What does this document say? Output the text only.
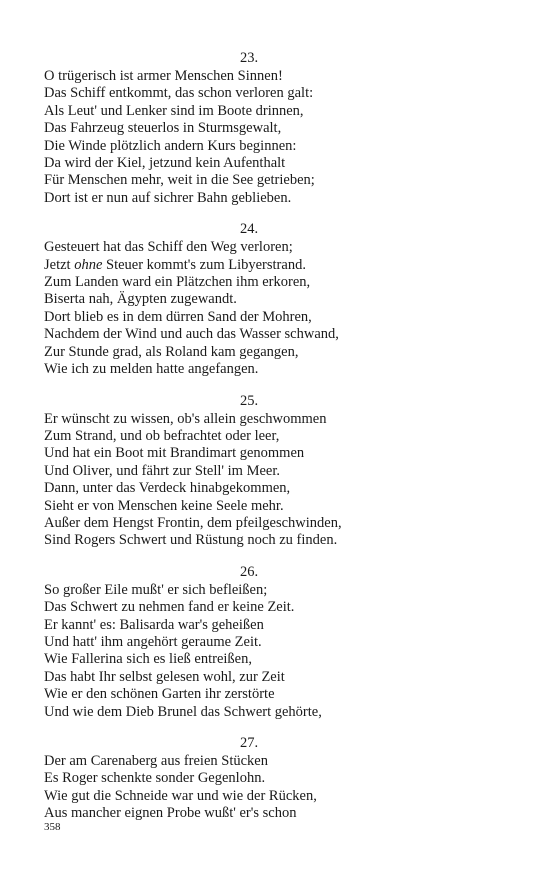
23.
O trügerisch ist armer Menschen Sinnen!
Das Schiff entkommt, das schon verloren galt:
Als Leut' und Lenker sind im Boote drinnen,
Das Fahrzeug steuerlos in Sturmsgewalt,
Die Winde plötzlich andern Kurs beginnen:
Da wird der Kiel, jetzund kein Aufenthalt
Für Menschen mehr, weit in die See getrieben;
Dort ist er nun auf sichrer Bahn geblieben.
24.
Gesteuert hat das Schiff den Weg verloren;
Jetzt ohne Steuer kommt's zum Libyerstrand.
Zum Landen ward ein Plätzchen ihm erkoren,
Biserta nah, Ägypten zugewandt.
Dort blieb es in dem dürren Sand der Mohren,
Nachdem der Wind und auch das Wasser schwand,
Zur Stunde grad, als Roland kam gegangen,
Wie ich zu melden hatte angefangen.
25.
Er wünscht zu wissen, ob's allein geschwommen
Zum Strand, und ob befrachtet oder leer,
Und hat ein Boot mit Brandimart genommen
Und Oliver, und fährt zur Stell' im Meer.
Dann, unter das Verdeck hinabgekommen,
Sieht er von Menschen keine Seele mehr.
Außer dem Hengst Frontin, dem pfeilgeschwinden,
Sind Rogers Schwert und Rüstung noch zu finden.
26.
So großer Eile mußt' er sich befleißen;
Das Schwert zu nehmen fand er keine Zeit.
Er kannt' es: Balisarda war's geheißen
Und hatt' ihm angehört geraume Zeit.
Wie Fallerina sich es ließ entreißen,
Das habt Ihr selbst gelesen wohl, zur Zeit
Wie er den schönen Garten ihr zerstörte
Und wie dem Dieb Brunel das Schwert gehörte,
27.
Der am Carenaberg aus freien Stücken
Es Roger schenkte sonder Gegenlohn.
Wie gut die Schneide war und wie der Rücken,
Aus mancher eignen Probe wußt' er's schon
358
